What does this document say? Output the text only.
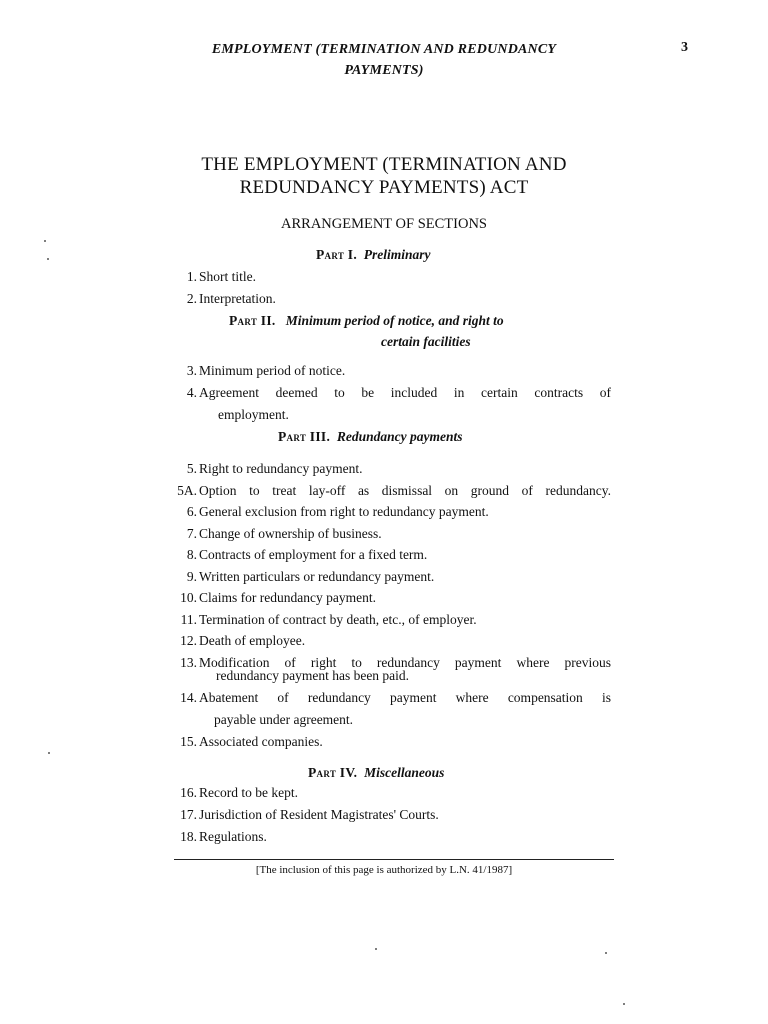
EMPLOYMENT (TERMINATION AND REDUNDANCY
PAYMENTS)
3
THE EMPLOYMENT (TERMINATION AND
REDUNDANCY PAYMENTS) ACT
ARRANGEMENT OF SECTIONS
Part I. Preliminary
1. Short title.
2. Interpretation.
Part II. Minimum period of notice, and right to
certain facilities
3. Minimum period of notice.
4. Agreement deemed to be included in certain contracts of
employment.
Part III. Redundancy payments
5. Right to redundancy payment.
5A. Option to treat lay-off as dismissal on ground of redundancy.
6. General exclusion from right to redundancy payment.
7. Change of ownership of business.
8. Contracts of employment for a fixed term.
9. Written particulars or redundancy payment.
10. Claims for redundancy payment.
11. Termination of contract by death, etc., of employer.
12. Death of employee.
13. Modification of right to redundancy payment where previous
redundancy payment has been paid.
14. Abatement of redundancy payment where compensation is
payable under agreement.
15. Associated companies.
Part IV. Miscellaneous
16. Record to be kept.
17. Jurisdiction of Resident Magistrates' Courts.
18. Regulations.
[The inclusion of this page is authorized by L.N. 41/1987]
